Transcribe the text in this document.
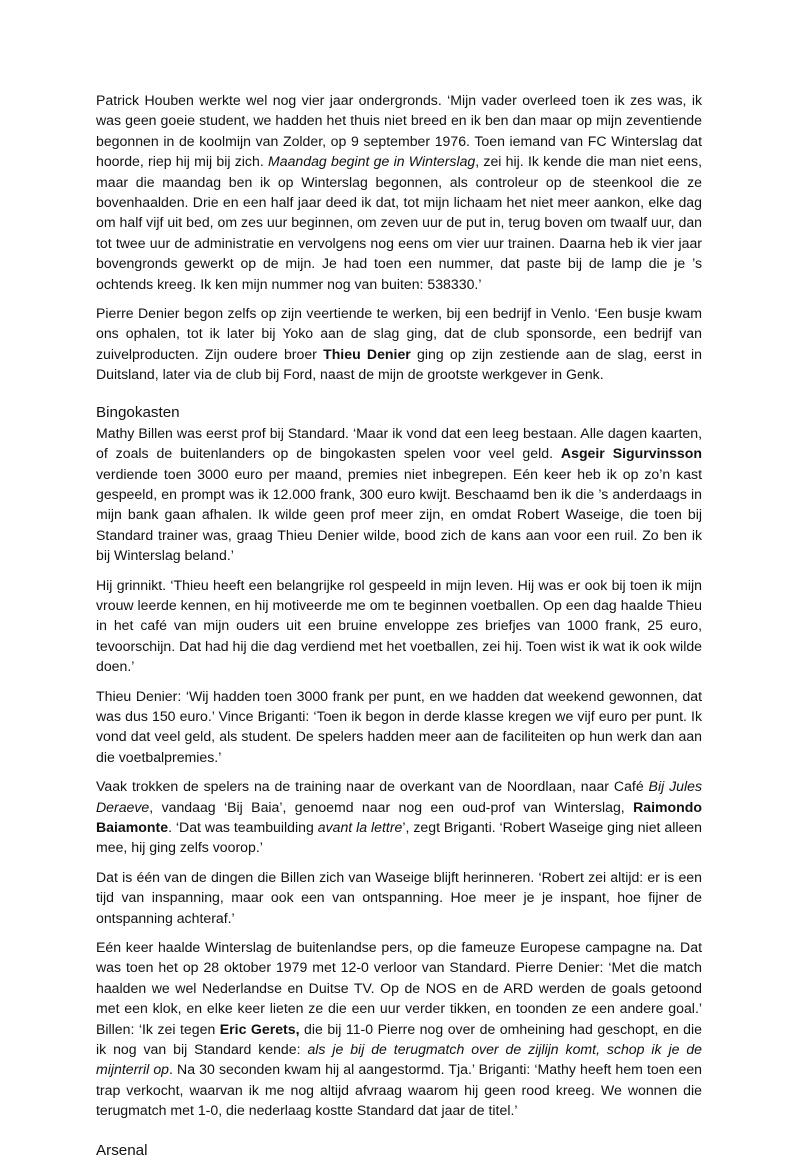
Patrick Houben werkte wel nog vier jaar ondergronds. ‘Mijn vader overleed toen ik zes was, ik was geen goeie student, we hadden het thuis niet breed en ik ben dan maar op mijn zeventiende begonnen in de koolmijn van Zolder, op 9 september 1976. Toen iemand van FC Winterslag dat hoorde, riep hij mij bij zich. Maandag begint ge in Winterslag, zei hij. Ik kende die man niet eens, maar die maandag ben ik op Winterslag begonnen, als controleur op de steenkool die ze bovenhaalden. Drie en een half jaar deed ik dat, tot mijn lichaam het niet meer aankon, elke dag om half vijf uit bed, om zes uur beginnen, om zeven uur de put in, terug boven om twaalf uur, dan tot twee uur de administratie en vervolgens nog eens om vier uur trainen. Daarna heb ik vier jaar bovengronds gewerkt op de mijn. Je had toen een nummer, dat paste bij de lamp die je ’s ochtends kreeg. Ik ken mijn nummer nog van buiten: 538330.’

Pierre Denier begon zelfs op zijn veertiende te werken, bij een bedrijf in Venlo. ‘Een busje kwam ons ophalen, tot ik later bij Yoko aan de slag ging, dat de club sponsorde, een bedrijf van zuivelproducten. Zijn oudere broer Thieu Denier ging op zijn zestiende aan de slag, eerst in Duitsland, later via de club bij Ford, naast de mijn de grootste werkgever in Genk.

Bingokasten

Mathy Billen was eerst prof bij Standard. ‘Maar ik vond dat een leeg bestaan. Alle dagen kaarten, of zoals de buitenlanders op de bingokasten spelen voor veel geld. Asgeir Sigurvinsson verdiende toen 3000 euro per maand, premies niet inbegrepen. Eén keer heb ik op zo’n kast gespeeld, en prompt was ik 12.000 frank, 300 euro kwijt. Beschaamd ben ik die ’s anderdaags in mijn bank gaan afhalen. Ik wilde geen prof meer zijn, en omdat Robert Waseige, die toen bij Standard trainer was, graag Thieu Denier wilde, bood zich de kans aan voor een ruil. Zo ben ik bij Winterslag beland.’

Hij grinnikt. ‘Thieu heeft een belangrijke rol gespeeld in mijn leven. Hij was er ook bij toen ik mijn vrouw leerde kennen, en hij motiveerde me om te beginnen voetballen. Op een dag haalde Thieu in het café van mijn ouders uit een bruine enveloppe zes briefjes van 1000 frank, 25 euro, tevoorschijn. Dat had hij die dag verdiend met het voetballen, zei hij. Toen wist ik wat ik ook wilde doen.’

Thieu Denier: ‘Wij hadden toen 3000 frank per punt, en we hadden dat weekend gewonnen, dat was dus 150 euro.’ Vince Briganti: ‘Toen ik begon in derde klasse kregen we vijf euro per punt. Ik vond dat veel geld, als student. De spelers hadden meer aan de faciliteiten op hun werk dan aan die voetbalpremies.’

Vaak trokken de spelers na de training naar de overkant van de Noordlaan, naar Café Bij Jules Deraeve, vandaag ‘Bij Baia’, genoemd naar nog een oud-prof van Winterslag, Raimondo Baiamonte. ‘Dat was teambuilding avant la lettre’, zegt Briganti. ‘Robert Waseige ging niet alleen mee, hij ging zelfs voorop.’

Dat is één van de dingen die Billen zich van Waseige blijft herinneren. ‘Robert zei altijd: er is een tijd van inspanning, maar ook een van ontspanning. Hoe meer je je inspant, hoe fijner de ontspanning achteraf.’

Eén keer haalde Winterslag de buitenlandse pers, op die fameuze Europese campagne na. Dat was toen het op 28 oktober 1979 met 12-0 verloor van Standard. Pierre Denier: ‘Met die match haalden we wel Nederlandse en Duitse TV. Op de NOS en de ARD werden de goals getoond met een klok, en elke keer lieten ze die een uur verder tikken, en toonden ze een andere goal.’ Billen: ‘Ik zei tegen Eric Gerets, die bij 11-0 Pierre nog over de omheining had geschopt, en die ik nog van bij Standard kende: als je bij de terugmatch over de zijlijn komt, schop ik je de mijnterril op. Na 30 seconden kwam hij al aangestormd. Tja.’ Briganti: ‘Mathy heeft hem toen een trap verkocht, waarvan ik me nog altijd afvraag waarom hij geen rood kreeg. We wonnen die terugmatch met 1-0, die nederlaag kostte Standard dat jaar de titel.’

Arsenal
